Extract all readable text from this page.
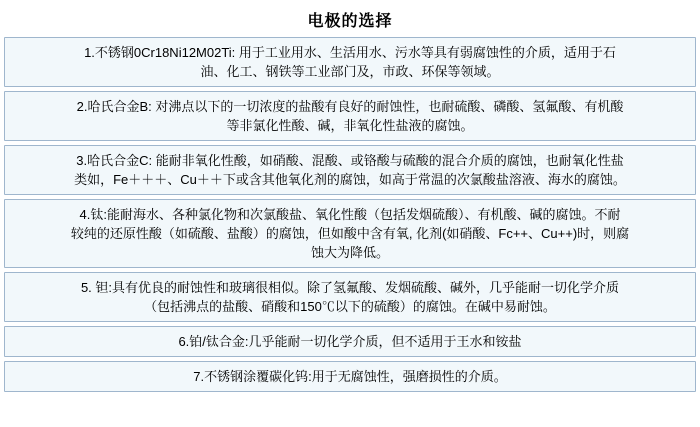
电极的选择

1.不锈钢0Cr18Ni12M02Ti: 用于工业用水、生活用水、污水等具有弱腐蚀性的介质，适用于石

油、化工、钢铁等工业部门及，市政、环保等领域。

2.哈氏合金B: 对沸点以下的一切浓度的盐酸有良好的耐蚀性，也耐硫酸、磷酸、氢氟酸、有机酸

等非氯化性酸、碱，非氧化性盐液的腐蚀。

3.哈氏合金C: 能耐非氧化性酸，如硝酸、混酸、或铬酸与硫酸的混合介质的腐蚀，也耐氧化性盐

类如，Fe＋＋＋、Cu＋＋下或含其他氧化剂的腐蚀，如高于常温的次氯酸盐溶液、海水的腐蚀。

4.钛:能耐海水、各种氯化物和次氯酸盐、氧化性酸（包括发烟硫酸）、有机酸、碱的腐蚀。不耐

较纯的还原性酸（如硫酸、盐酸）的腐蚀，但如酸中含有氧, 化剂(如硝酸、Fc++、Cu++)时，则腐

蚀大为降低。

5. 钽:具有优良的耐蚀性和玻璃很相似。除了氢氟酸、发烟硫酸、碱外，几乎能耐一切化学介质

（包括沸点的盐酸、硝酸和150℃以下的硫酸）的腐蚀。在碱中易耐蚀。

6.铂/钛合金:几乎能耐一切化学介质，但不适用于王水和铵盐

7.不锈钢涂覆碳化钨:用于无腐蚀性，强磨损性的介质。
